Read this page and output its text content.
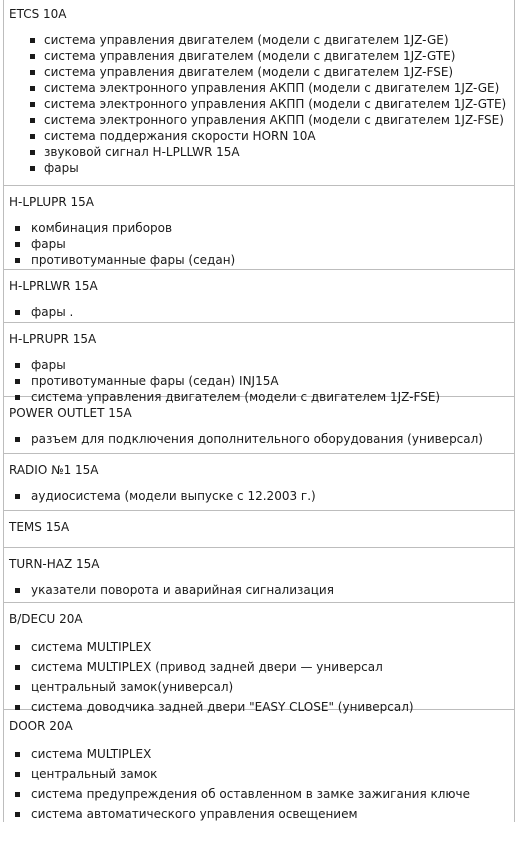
ETCS 10A
система управления двигателем (модели с двигателем 1JZ-GE)
система управления двигателем (модели с двигателем 1JZ-GTE)
система управления двигателем (модели с двигателем 1JZ-FSE)
система электронного управления АКПП (модели с двигателем 1JZ-GE)
система электронного управления АКПП (модели с двигателем 1JZ-GTE)
система электронного управления АКПП (модели с двигателем 1JZ-FSE)
система поддержания скорости HORN 10A
звуковой сигнал H-LPLLWR 15A
фары
H-LPLUPR 15A
комбинация приборов
фары
противотуманные фары (седан)
H-LPRLWR 15A
фары .
H-LPRUPR 15A
фары
противотуманные фары (седан) INJ15A
система управления двигателем (модели с двигателем 1JZ-FSE)
POWER OUTLET 15A
разъем для подключения дополнительного оборудования (универсал)
RADIO №1 15A
аудиосистема (модели выпуске с 12.2003 г.)
TEMS 15A
TURN-HAZ 15A
указатели поворота и аварийная сигнализация
B/DECU 20A
система MULTIPLEX
система MULTIPLEX (привод задней двери — универсал
центральный замок(универсал)
система доводчика задней двери "EASY CLOSE" (универсал)
DOOR 20A
система MULTIPLEX
центральный замок
система предупреждения об оставленном в замке зажигания ключе
система автоматического управления освещением
